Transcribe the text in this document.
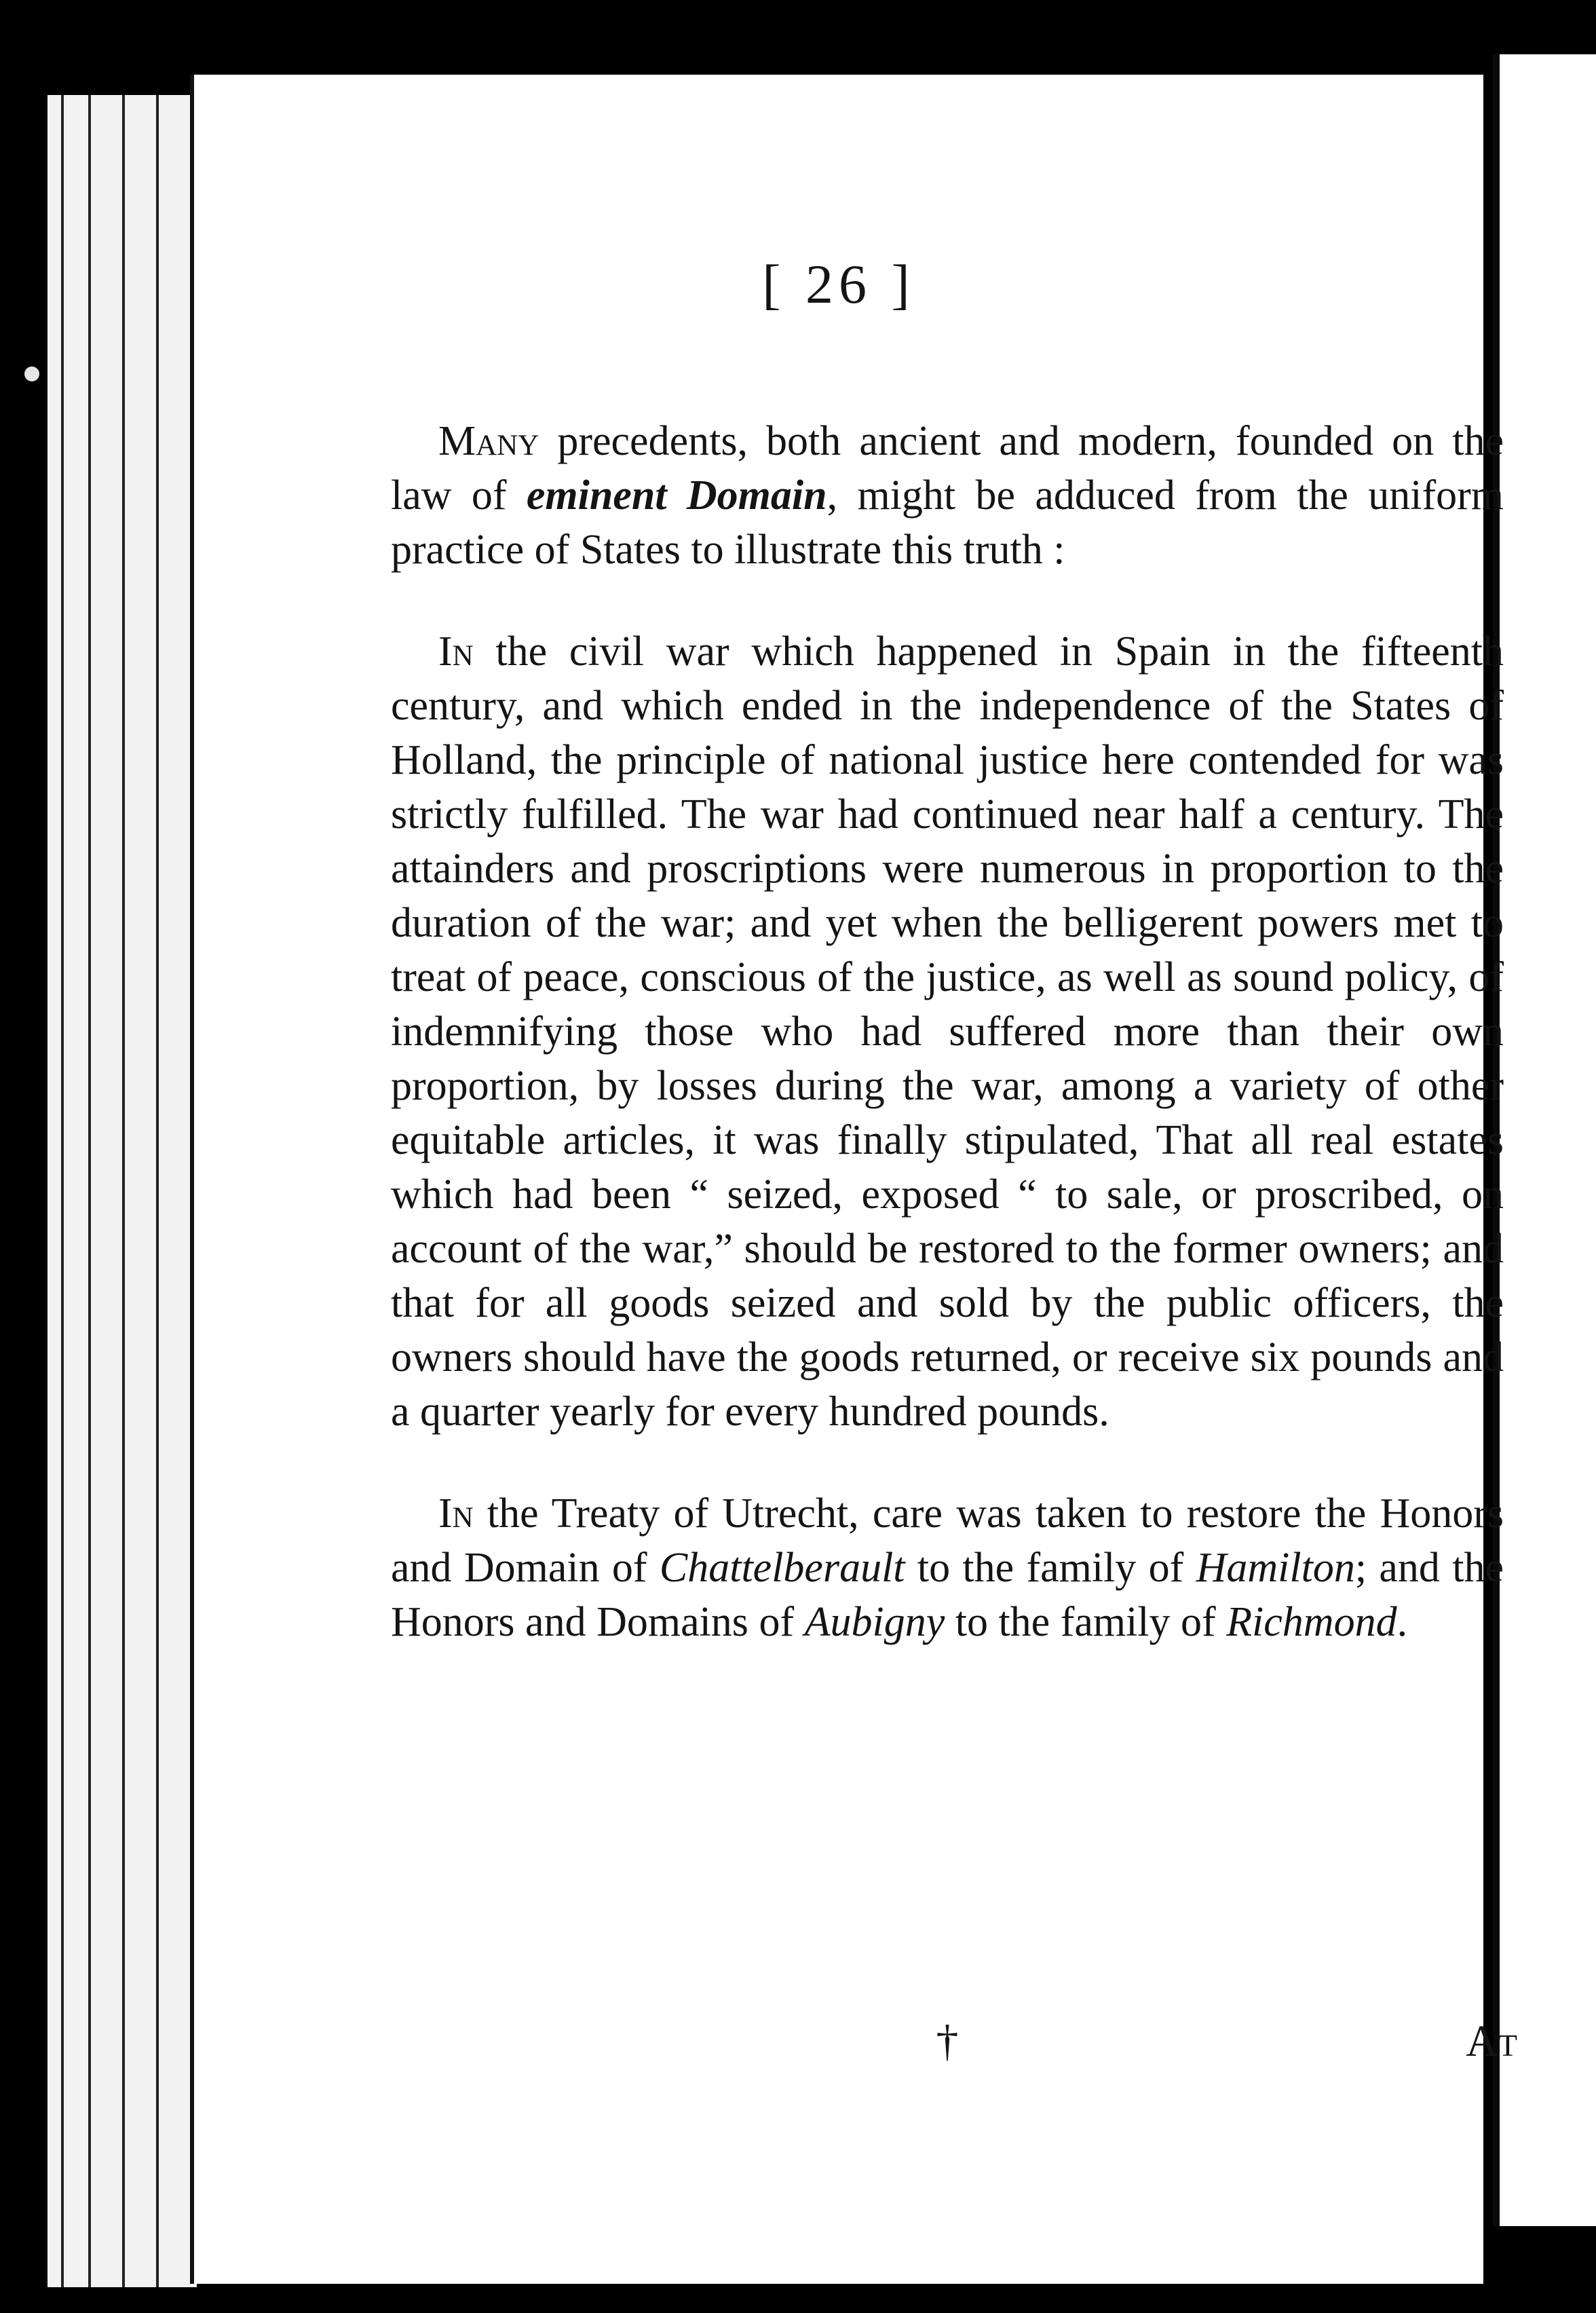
[ 26 ]

Many precedents, both ancient and modern, founded on the law of eminent Domain, might be adduced from the uniform practice of States to illustrate this truth :

In the civil war which happened in Spain in the fifteenth century, and which ended in the independence of the States of Holland, the principle of national justice here contended for was strictly fulfilled. The war had continued near half a century. The attainders and proscriptions were numerous in proportion to the duration of the war; and yet when the belligerent powers met to treat of peace, conscious of the justice, as well as sound policy, of indemnifying those who had suffered more than their own proportion, by losses during the war, among a variety of other equitable articles, it was finally stipulated, That all real estates which had been “ seized, exposed “ to sale, or proscribed, on account of the war,” should be restored to the former owners; and that for all goods seized and sold by the public officers, the owners should have the goods returned, or receive six pounds and a quarter yearly for every hundred pounds.

In the Treaty of Utrecht, care was taken to restore the Honors and Domain of Chattelberault to the family of Hamilton; and the Honors and Domains of Aubigny to the family of Richmond.

†	At
